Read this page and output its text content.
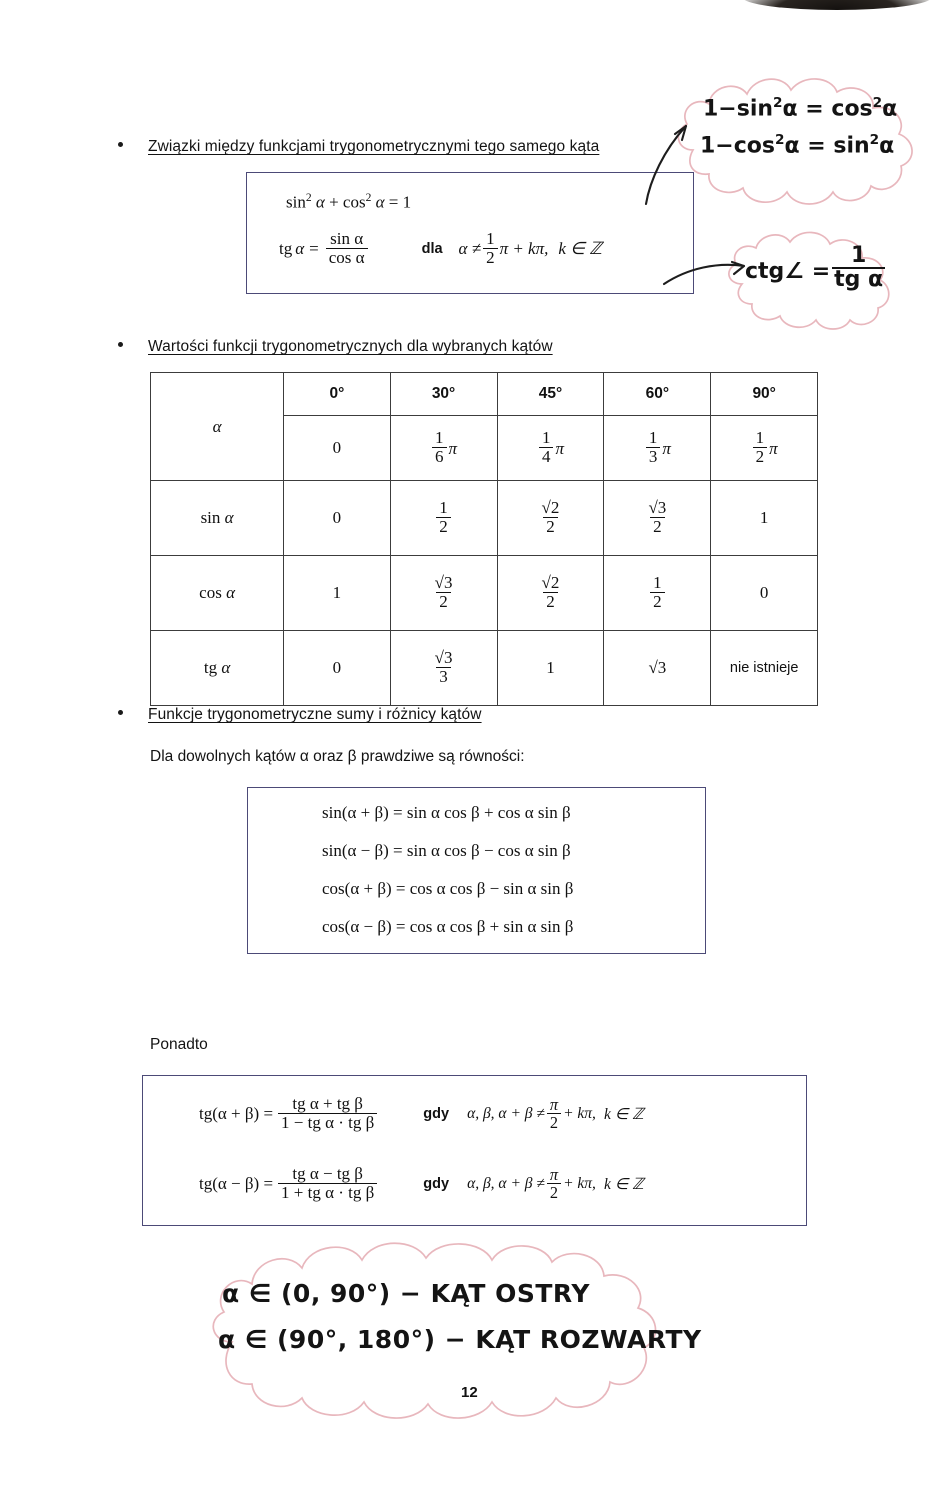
Związki między funkcjami trygonometrycznymi tego samego kąta
$\sin^2 \alpha + \cos^2 \alpha = 1$
tg $\alpha = \frac{\text{sin α}}{\text{cos α}}$	dla $\alpha \ne \frac{1}{2}$ π + kπ, k ∈ ℤ
$1-\sin^2\alpha = \cos^2\alpha$
$1-\cos^2\alpha = \sin^2\alpha$
ctg∠ = $\frac{1}{\text{tg α}}$
Wartości funkcji trygonometrycznych dla wybranych kątów
α	0°	30°	45°	60°	90°
	0	$\frac{1}{6}$ π	$\frac{1}{4}$ π	$\frac{1}{3}$ π	$\frac{1}{2}$ π

sin α	0	$\frac{1}{2}$	$\frac{√2}{2}$	$\frac{√3}{2}$	1
cos α	1	$\frac{√3}{2}$	$\frac{√2}{2}$	$\frac{1}{2}$	0
tg α	0	$\frac{√3}{3}$	1	√3	nie istnieje
Funkcje trygonometryczne sumy i różnicy kątów
Dla dowolnych kątów α oraz β prawdziwe są równości:
sin(α + β) = sin α cos β + cos α sin β
sin(α − β) = sin α cos β − cos α sin β
cos(α + β) = cos α cos β − sin α sin β
cos(α − β) = cos α cos β + sin α sin β
Ponadto
$tg(\alpha + \beta) = \frac{\text{tg α + tg β}}{\text{1 − tg α · tg β}}$	gdy α, β, $\alpha + \beta \ne \frac{\pi}{2} + k\pi$, k ∈ ℤ
$tg(\alpha - \beta) = \frac{\text{tg α − tg β}}{\text{1 + tg α · tg β}}$	gdy α, β, $\alpha + \beta \ne \frac{\pi}{2} + k\pi$, k ∈ ℤ
α ∈ (0, 90°) − KĄT OSTRY
α ∈ (90°, 180°) − KĄT ROZWARTY
12
